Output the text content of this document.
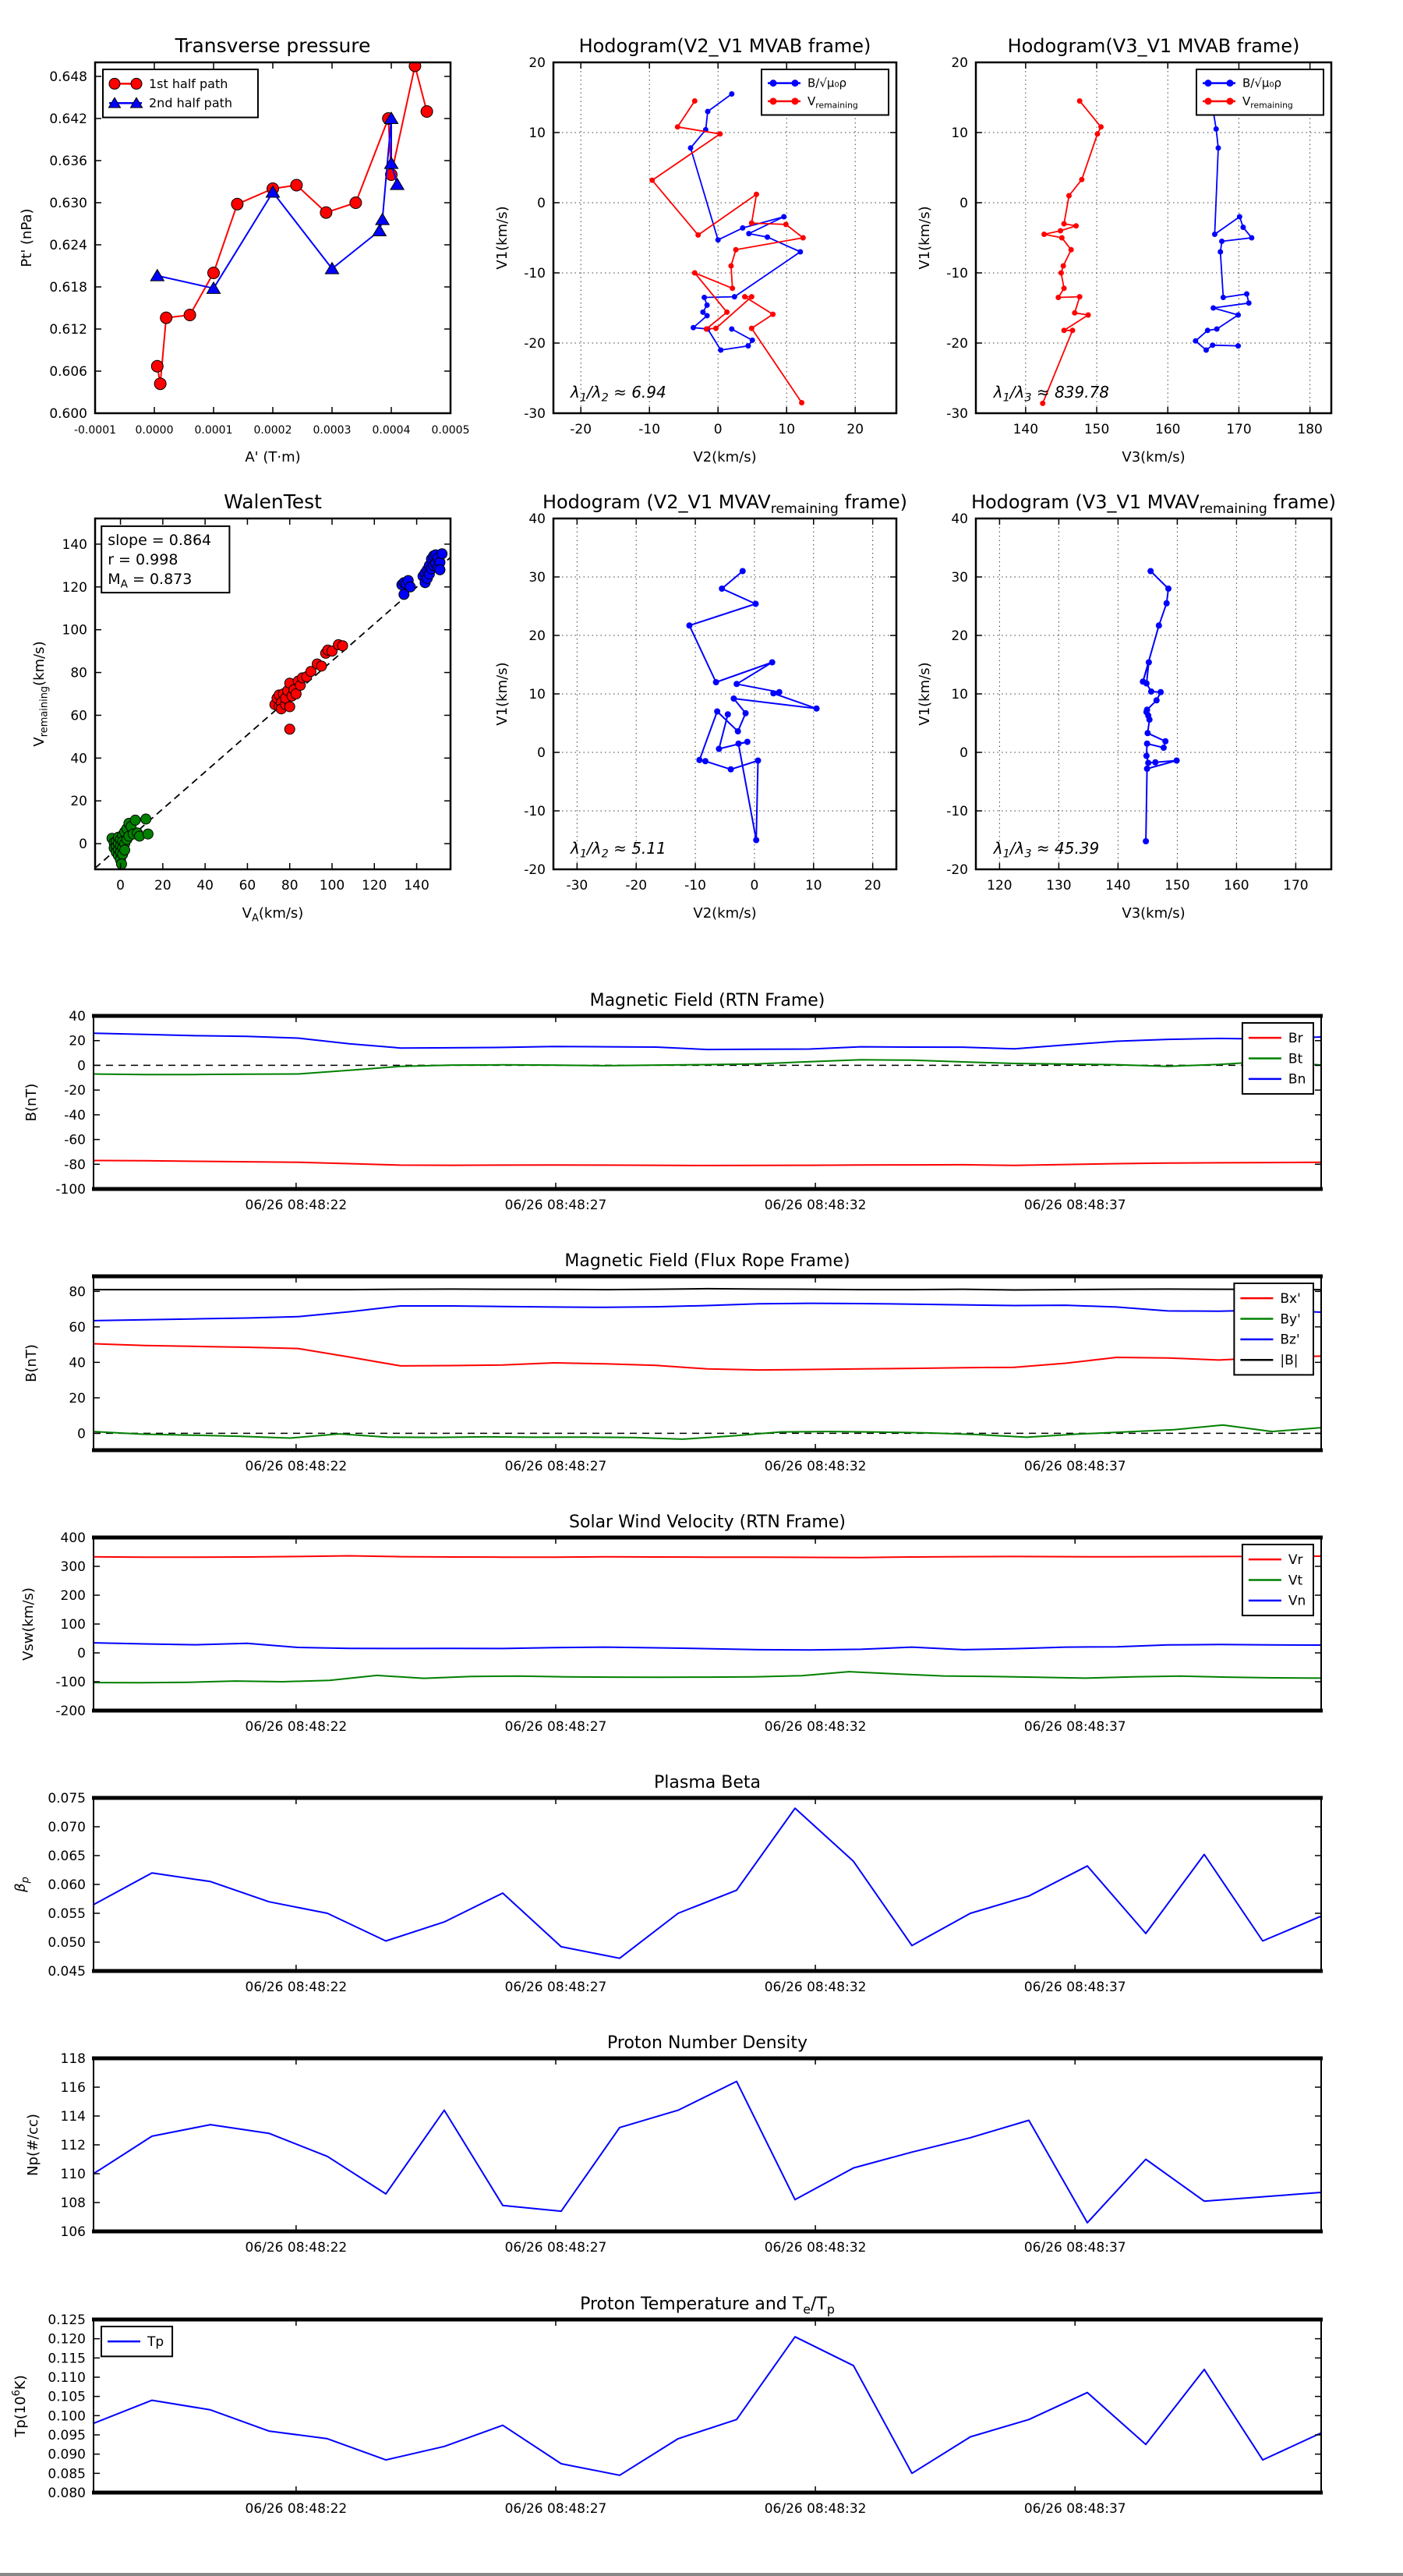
-0.0001 0.0000 0.0001 0.0002 0.0003 0.0004 0.0005
0.600
0.606
0.612
0.618
0.624
0.630
0.636
0.642
0.648
Transverse pressure
A' (T·m)
Pt' (nPa)
1st half path
2nd half path
-20	-10	0	10	20
-30
-20
-10
0
10
20
Hodogram(V2_V1 MVAB frame)
V2(km/s)
V1(km/s)
B/√μ₀ρ
$V_{remaining}$
$\lambda_1/\lambda_2 \approx 6.94$
140	150	160	170	180
-30
-20
-10
0
10
20
Hodogram(V3_V1 MVAB frame)
V3(km/s)
V1(km/s)
B/√μ₀ρ
$V_{remaining}$
$\lambda_1/\lambda_3 \approx 839.78$
0 20 40 60 80 100 120 140
0
20
40
60
80
100
120
140
WalenTest
$V_A(km/s)$
$V_{remaining}(km/s)$
slope = 0.864
r = 0.998
$M_A = 0.873$
-30	-20	-10	0	10	20
-20
-10
0
10
20
30
40
Hodogram (V2_V1 $MVAV_{remaining}$ frame)
V2(km/s)
V1(km/s)
$\lambda_1/\lambda_2 \approx 5.11$
120	130	140	150	160	170
-20
-10
0
10
20
30
40
Hodogram (V3_V1 $MVAV_{remaining}$ frame)
V3(km/s)
V1(km/s)
$\lambda_1/\lambda_3 \approx 45.39$
06/26 08:48:22	06/26 08:48:27	06/26 08:48:32	06/26 08:48:37
-100
-80
-60
-40
-20
0
20
40
Magnetic Field (RTN Frame)
B(nT)
Br
Bt
Bn
06/26 08:48:22	06/26 08:48:27	06/26 08:48:32	06/26 08:48:37
0
20
40
60
80
Magnetic Field (Flux Rope Frame)
B(nT)
Bx'
By'
Bz'
|B|
06/26 08:48:22	06/26 08:48:27	06/26 08:48:32	06/26 08:48:37
-200
-100
0
100
200
300
400
Solar Wind Velocity (RTN Frame)
Vsw(km/s)
Vr
Vt
Vn
06/26 08:48:22	06/26 08:48:27	06/26 08:48:32	06/26 08:48:37
0.045
0.050
0.055
0.060
0.065
0.070
0.075
Plasma Beta
$\beta_p$
06/26 08:48:22	06/26 08:48:27	06/26 08:48:32	06/26 08:48:37
106
108
110
112
114
116
118
Proton Number Density
Np(#/cc)
06/26 08:48:22	06/26 08:48:27	06/26 08:48:32	06/26 08:48:37
0.080
0.085
0.090
0.095
0.100
0.105
0.110
0.115
0.120
0.125
Proton Temperature and $T_e/T_p$
$Tp(10^6K)$
Tp
